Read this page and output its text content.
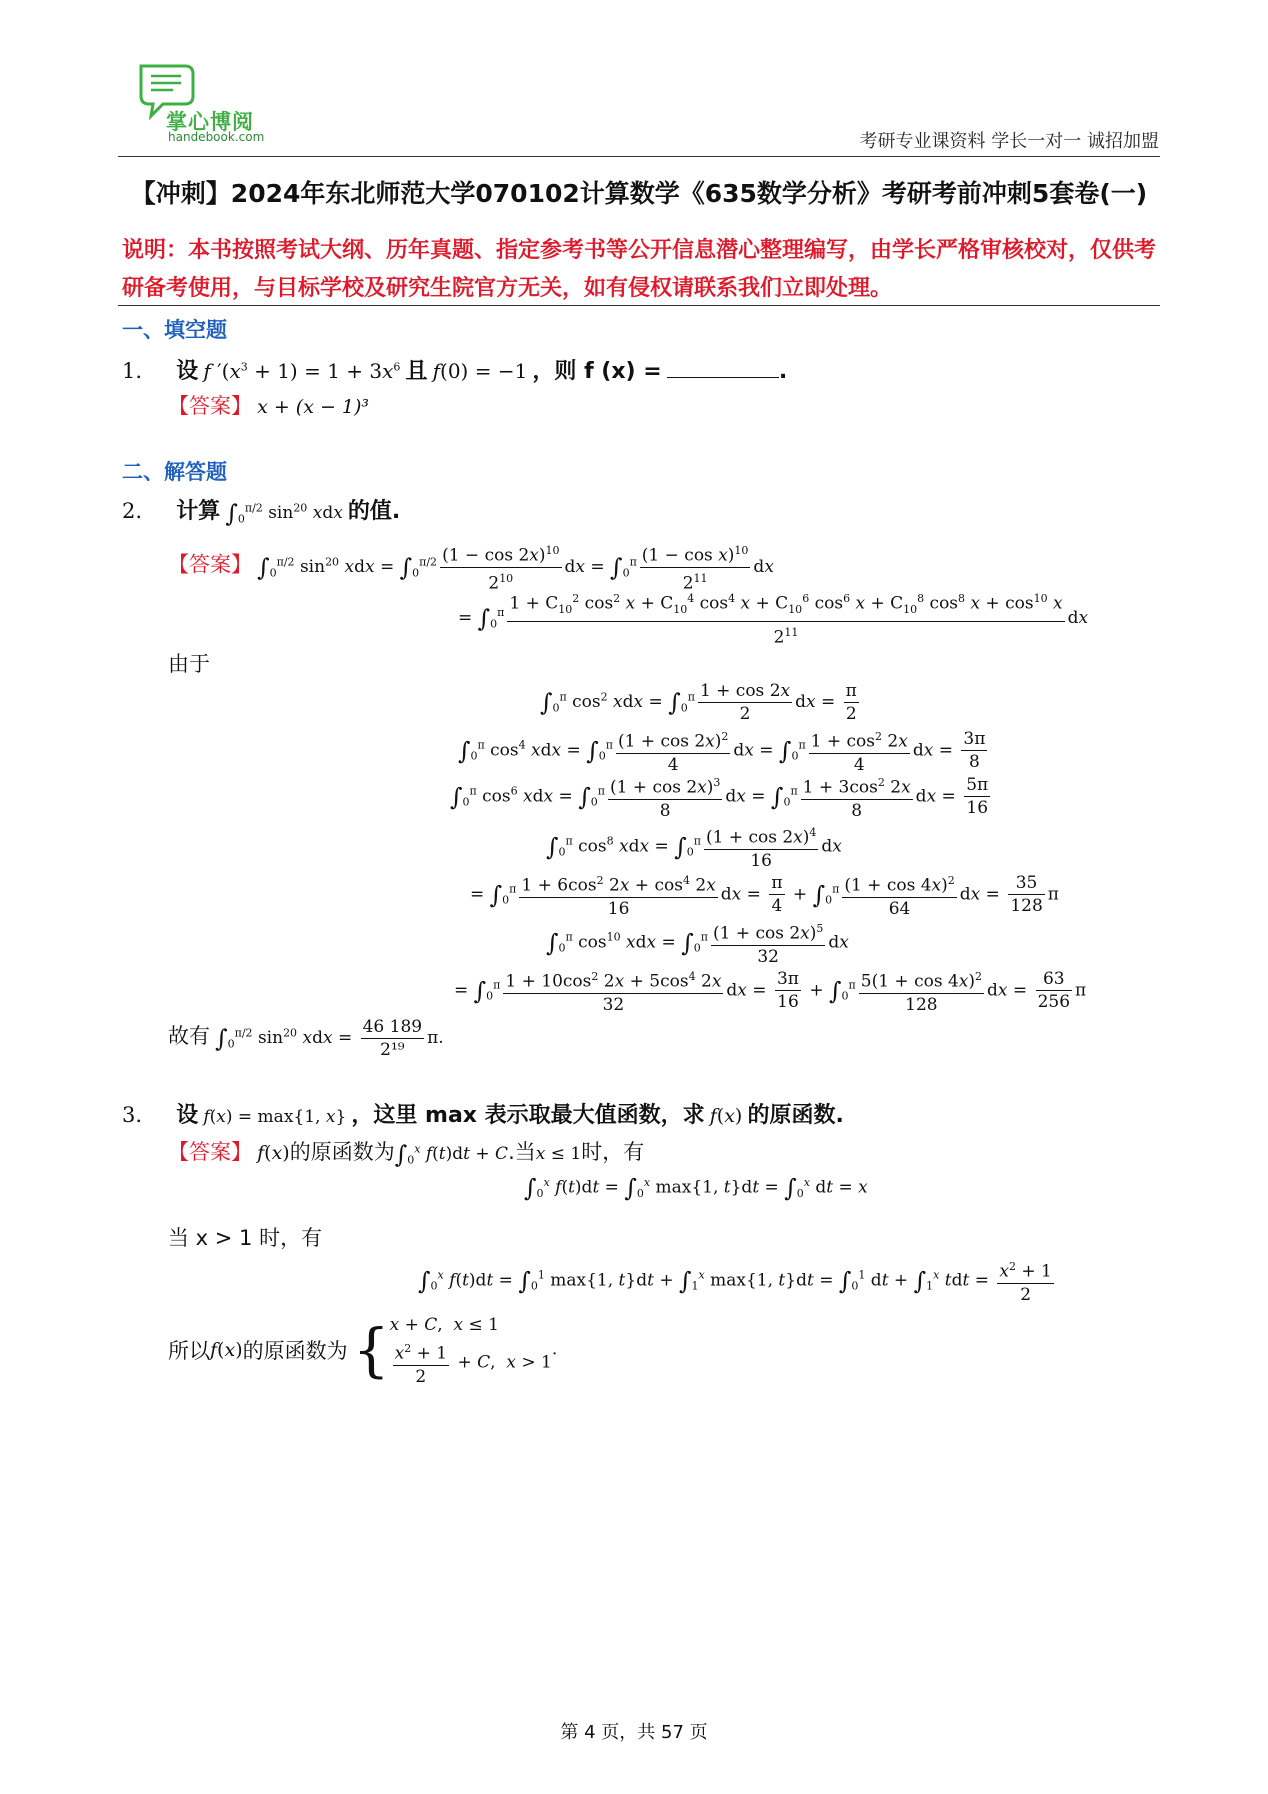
掌心博阅
handebook.com	考研专业课资料 学长一对一 诚招加盟
【冲刺】2024年东北师范大学070102计算数学《635数学分析》考研考前冲刺5套卷(一)
说明：本书按照考试大纲、历年真题、指定参考书等公开信息潜心整理编写，由学长严格审核校对，仅供考研备考使用，与目标学校及研究生院官方无关，如有侵权请联系我们立即处理。
一、填空题
1. 设 f $'(x^3 + 1) = 1 + 3x^6$ 且 f(0) = −1 ，则 f (x) =	.
【答案】 x + (x − 1)³
二、解答题
2. 计算 $\int_0^{\pi/2}$ $\sin^{20}$ xdx 的值.
【答案】 $\int_0^{\pi/2}$ $\sin^{20}$ xdx = $\int_0^{\pi/2} \frac{(1 - \cos 2x)^{10}}{2^{10}}$ dx = $\int_0^\pi \frac{(1 - \cos x)^{10}}{2^{11}}$ dx
= $\int_0^\pi$ $1 + C_{10}^2$ $\cos^2 x + C_{10}^4$ $\cos^4 x + C_{10}^6$ $\cos^6 x + C_{10}^8$ $\cos^8 x + \cos^{10} x$
$2^{11}$
dx
由于
$\int_0^\pi$ $\cos^2$ xdx = $\int_0^\pi \frac{1 + \cos 2x}{2}$ dx = $\frac{\pi}{2}$
$\int_0^\pi$ $\cos^4$ xdx = $\int_0^\pi \frac{(1 + \cos 2x)^2}{4}$ dx = $\int_0^\pi \frac{1 + \cos^2 2x}{4}$ dx = $\frac{3\pi}{8}$
$\int_0^\pi$ $\cos^6$ xdx = $\int_0^\pi \frac{(1 + \cos 2x)^3}{8}$ dx = $\int_0^\pi \frac{1 + 3\cos^2 2x}{8}$ dx = $\frac{5\pi}{16}$
$\int_0^\pi$ $\cos^8$ xdx = $\int_0^\pi \frac{(1 + \cos 2x)^4}{16}$ dx
= $\int_0^\pi \frac{1 + 6\cos^2 2x + \cos^4 2x}{16}$ dx = $\frac{\pi}{4} + \int_0^\pi \frac{(1 + \cos 4x)^2}{64}$ dx = $\frac{35}{128}$ π
$\int_0^\pi$ $\cos^{10}$ xdx = $\int_0^\pi \frac{(1 + \cos 2x)^5}{32}$ dx
= $\int_0^\pi \frac{1 + 10\cos^2 2x + 5\cos^4 2x}{32}$ dx = $\frac{3\pi}{16} + \int_0^\pi \frac{5(1 + \cos 4x)^2}{128}$ dx = $\frac{63}{256}$ π
故有 $\int_0^{\pi/2}$ $\sin^{20}$ xdx = $\frac{46 189}{\text{2¹⁹}} \pi$.
3. 设 f(x) = max{1, x} ，这里 max 表示取最大值函数，求 f(x) 的原函数.
【答案】 f(x)的原函数为$\int_0^x$ f(t)dt + C.当x ≤ 1时，有
$\int_0^x$ $f(t)dt = \int_0^x$ max{1, $t\}dt = \int_0^x$ dt = x
当 x > 1 时，有
$\int_0^x$ $f(t)dt = \int_0^1$ max{1, $t\}dt + \int_1^x$ max{1, $t\}dt = \int_0^1$ dt + $\int_1^x$ tdt = $\frac{x^2 + 1}{2}$
所以f(x)的原函数为 { x + C,  x ≤ 1
$\frac{x^2 + 1}{2} + C$,  x > 1
.
第 4 页，共 57 页
